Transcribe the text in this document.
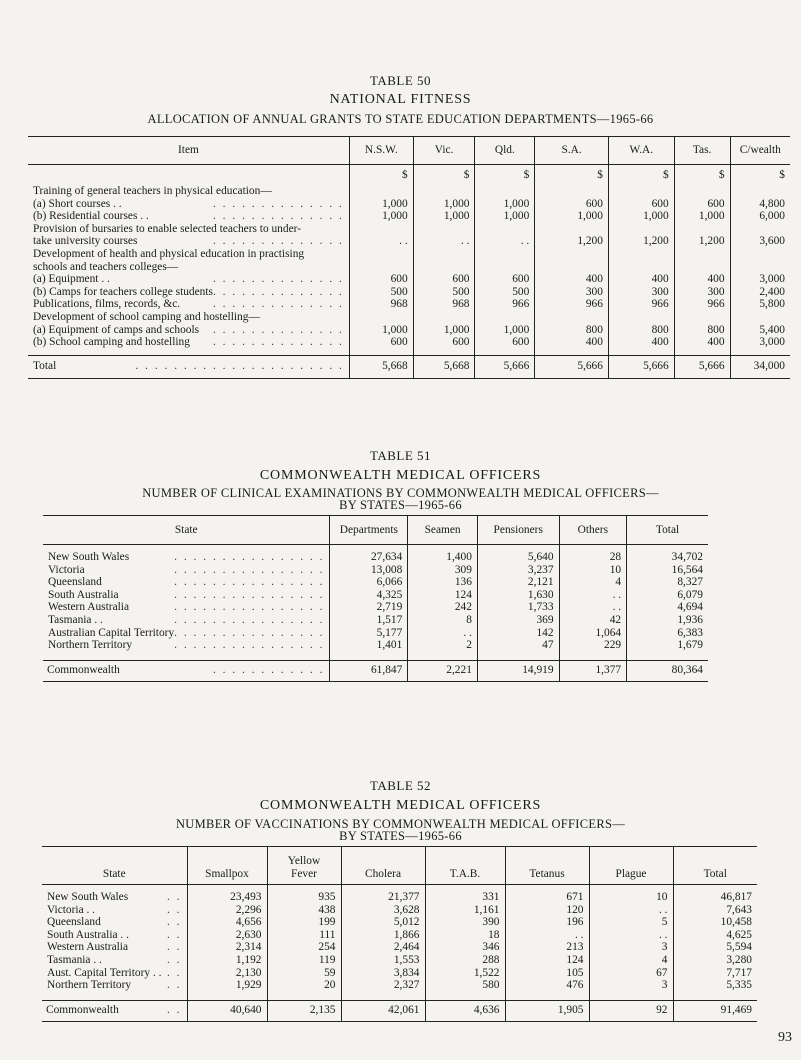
TABLE 50
NATIONAL FITNESS
ALLOCATION OF ANNUAL GRANTS TO STATE EDUCATION DEPARTMENTS—1965-66
Item	N.S.W.	Vic.	Qld.	S.A.	W.A.	Tas.	C/wealth
	$	$	$	$	$	$	$

Training of general teachers in physical education—							

(a) Short courses . . . . . . . . . . . . . . . .	1,000	1,000	1,000	600	600	600	4,800

(b) Residential courses . . . . . . . . . . . . . . . .	1,000	1,000	1,000	1,000	1,000	1,000	6,000

Provision of bursaries to enable selected teachers to under-							

take university courses . . . . . . . . . . . . . .	. .	. .	. .	1,200	1,200	1,200	3,600

Development of health and physical education in practising							

schools and teachers colleges—							

(a) Equipment . . . . . . . . . . . . . . . .	600	600	600	400	400	400	3,000

(b) Camps for teachers college students . . . . . . . . . . . . . .	500	500	500	300	300	300	2,400

Publications, films, records, &c. . . . . . . . . . . . . . .	968	968	966	966	966	966	5,800

Development of school camping and hostelling—							

(a) Equipment of camps and schools . . . . . . . . . . . . . .	1,000	1,000	1,000	800	800	800	5,400

(b) School camping and hostelling . . . . . . . . . . . . . .	600	600	600	400	400	400	3,000

Total . . . . . . . . . . . . . . . . . . . . . .	5,668	5,668	5,666	5,666	5,666	5,666	34,000
TABLE 51
COMMONWEALTH MEDICAL OFFICERS
NUMBER OF CLINICAL EXAMINATIONS BY COMMONWEALTH MEDICAL OFFICERS—
BY STATES—1965-66
State	Departments	Seamen	Pensioners	Others	Total

New South Wales . . . . . . . . . . . . . . . .	27,634	1,400	5,640	28	34,702

Victoria . . . . . . . . . . . . . . . .	13,008	309	3,237	10	16,564

Queensland . . . . . . . . . . . . . . . .	6,066	136	2,121	4	8,327

South Australia . . . . . . . . . . . . . . . .	4,325	124	1,630	. .	6,079

Western Australia . . . . . . . . . . . . . . . .	2,719	242	1,733	. .	4,694

Tasmania . . . . . . . . . . . . . . . . . .	1,517	8	369	42	1,936

Australian Capital Territory . . . . . . . . . . . . . . . .	5,177	. .	142	1,064	6,383

Northern Territory . . . . . . . . . . . . . . . .	1,401	2	47	229	1,679

Commonwealth . . . . . . . . . . . .	61,847	2,221	14,919	1,377	80,364
TABLE 52
COMMONWEALTH MEDICAL OFFICERS
NUMBER OF VACCINATIONS BY COMMONWEALTH MEDICAL OFFICERS—
BY STATES—1965-66
State	Smallpox	Yellow
Fever	Cholera	T.A.B.	Tetanus	Plague	Total

New South Wales . .	23,493	935	21,377	331	671	10	46,817

Victoria . . . .	2,296	438	3,628	1,161	120	. .	7,643

Queensland . .	4,656	199	5,012	390	196	5	10,458

South Australia . . . .	2,630	111	1,866	18	. .	. .	4,625

Western Australia . .	2,314	254	2,464	346	213	3	5,594

Tasmania . . . .	1,192	119	1,553	288	124	4	3,280

Aust. Capital Territory . . . .	2,130	59	3,834	1,522	105	67	7,717

Northern Territory . .	1,929	20	2,327	580	476	3	5,335

Commonwealth . .	40,640	2,135	42,061	4,636	1,905	92	91,469
93
